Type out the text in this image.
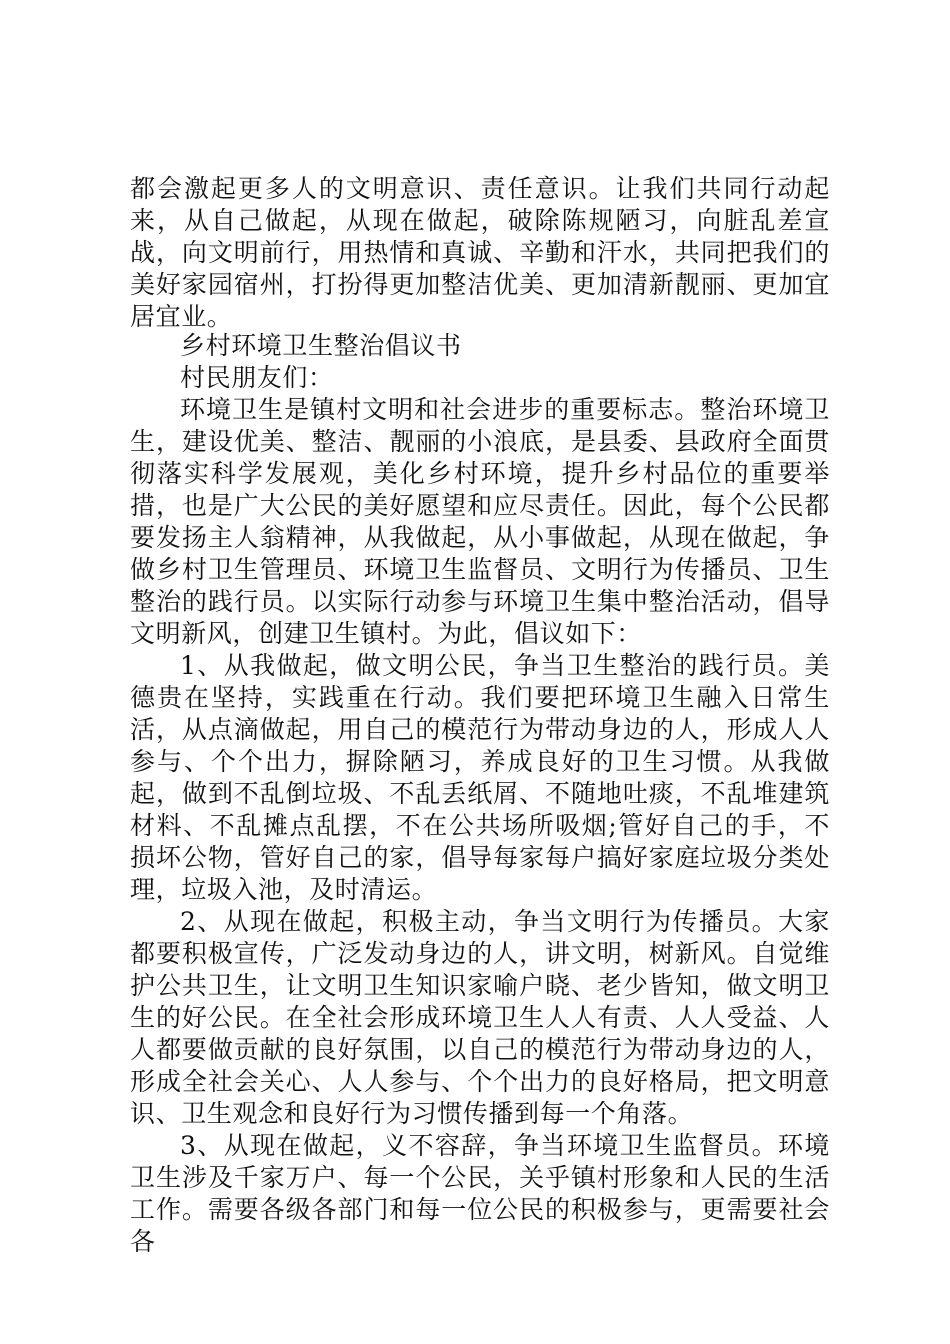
都会激起更多人的文明意识、责任意识。让我们共同行动起来，从自己做起，从现在做起，破除陈规陋习，向脏乱差宣战，向文明前行，用热情和真诚、辛勤和汗水，共同把我们的美好家园宿州，打扮得更加整洁优美、更加清新靓丽、更加宜居宜业。

乡村环境卫生整治倡议书

村民朋友们：

环境卫生是镇村文明和社会进步的重要标志。整治环境卫生，建设优美、整洁、靓丽的小浪底，是县委、县政府全面贯彻落实科学发展观，美化乡村环境，提升乡村品位的重要举措，也是广大公民的美好愿望和应尽责任。因此，每个公民都要发扬主人翁精神，从我做起，从小事做起，从现在做起，争做乡村卫生管理员、环境卫生监督员、文明行为传播员、卫生整治的践行员。以实际行动参与环境卫生集中整治活动，倡导文明新风，创建卫生镇村。为此，倡议如下：

1、从我做起，做文明公民，争当卫生整治的践行员。美德贵在坚持，实践重在行动。我们要把环境卫生融入日常生活，从点滴做起，用自己的模范行为带动身边的人，形成人人参与、个个出力，摒除陋习，养成良好的卫生习惯。从我做起，做到不乱倒垃圾、不乱丢纸屑、不随地吐痰，不乱堆建筑材料、不乱摊点乱摆，不在公共场所吸烟;管好自己的手，不损坏公物，管好自己的家，倡导每家每户搞好家庭垃圾分类处理，垃圾入池，及时清运。

2、从现在做起，积极主动，争当文明行为传播员。大家都要积极宣传，广泛发动身边的人，讲文明，树新风。自觉维护公共卫生，让文明卫生知识家喻户晓、老少皆知，做文明卫生的好公民。在全社会形成环境卫生人人有责、人人受益、人人都要做贡献的良好氛围，以自己的模范行为带动身边的人，形成全社会关心、人人参与、个个出力的良好格局，把文明意识、卫生观念和良好行为习惯传播到每一个角落。

3、从现在做起，义不容辞，争当环境卫生监督员。环境卫生涉及千家万户、每一个公民，关乎镇村形象和人民的生活工作。需要各级各部门和每一位公民的积极参与，更需要社会各
